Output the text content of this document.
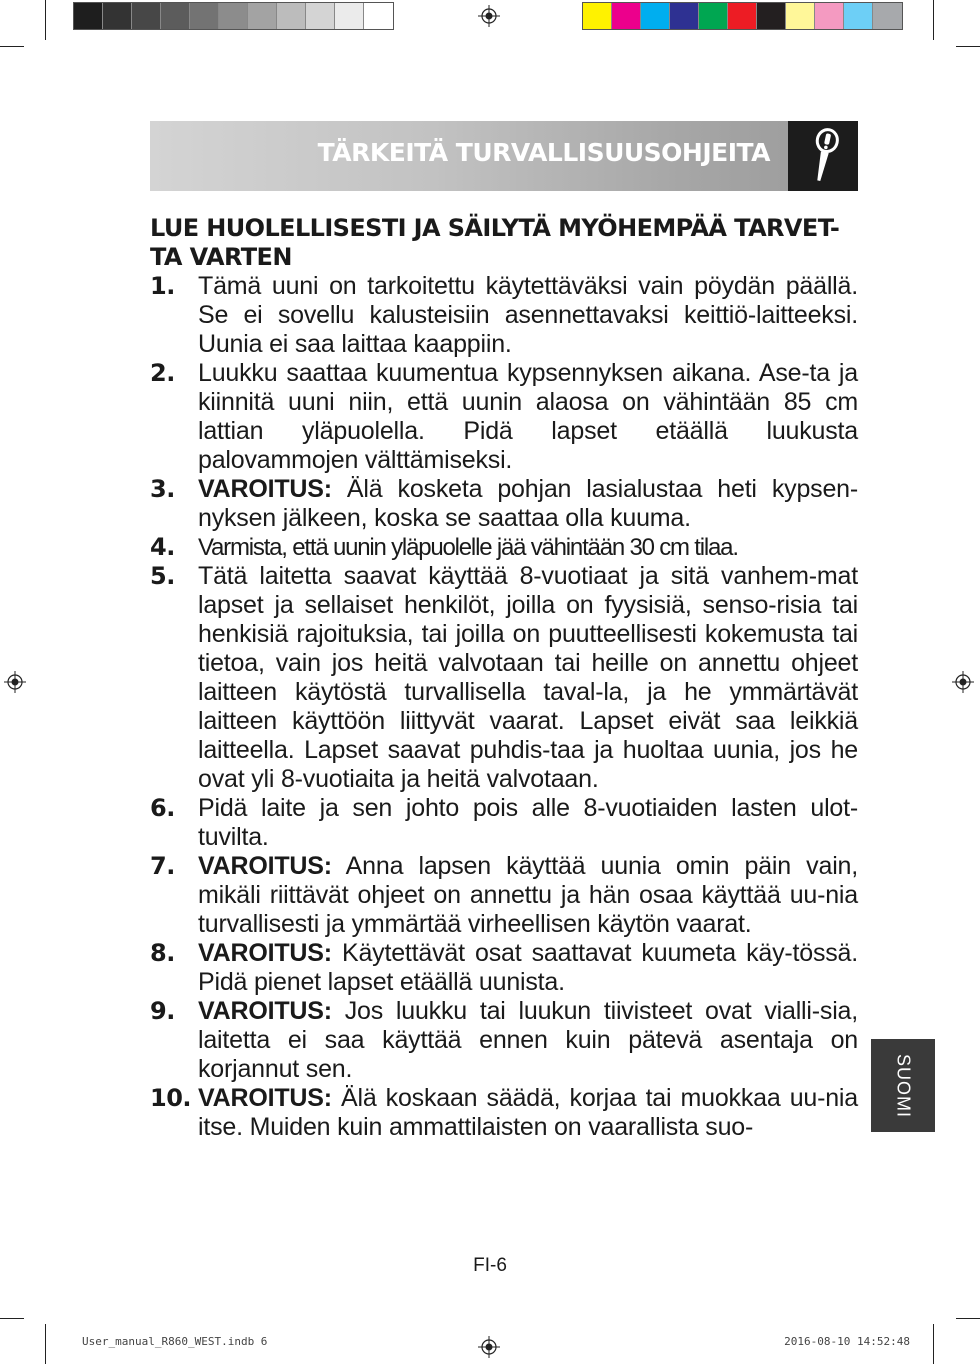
TÄRKEITÄ TURVALLISUUSOHJEITA
LUE HUOLELLISESTI JA SÄILYTÄ MYÖHEMPÄÄ TARVET-TA VARTEN
1. Tämä uuni on tarkoitettu käytettäväksi vain pöydän päällä. Se ei sovellu kalusteisiin asennettavaksi keittiö-laitteeksi. Uunia ei saa laittaa kaappiin.
2. Luukku saattaa kuumentua kypsennyksen aikana. Ase-ta ja kiinnitä uuni niin, että uunin alaosa on vähintään 85 cm lattian yläpuolella. Pidä lapset etäällä luukusta palovammojen välttämiseksi.
3. VAROITUS: Älä kosketa pohjan lasialustaa heti kypsen-nyksen jälkeen, koska se saattaa olla kuuma.
4. Varmista, että uunin yläpuolelle jää vähintään 30 cm tilaa.
5. Tätä laitetta saavat käyttää 8-vuotiaat ja sitä vanhem-mat lapset ja sellaiset henkilöt, joilla on fyysisiä, senso-risia tai henkisiä rajoituksia, tai joilla on puutteellisesti kokemusta tai tietoa, vain jos heitä valvotaan tai heille on annettu ohjeet laitteen käytöstä turvallisella taval-la, ja he ymmärtävät laitteen käyttöön liittyvät vaarat. Lapset eivät saa leikkiä laitteella. Lapset saavat puhdis-taa ja huoltaa uunia, jos he ovat yli 8-vuotiaita ja heitä valvotaan.
6. Pidä laite ja sen johto pois alle 8-vuotiaiden lasten ulot-tuvilta.
7. VAROITUS: Anna lapsen käyttää uunia omin päin vain, mikäli riittävät ohjeet on annettu ja hän osaa käyttää uu-nia turvallisesti ja ymmärtää virheellisen käytön vaarat.
8. VAROITUS: Käytettävät osat saattavat kuumeta käy-tössä. Pidä pienet lapset etäällä uunista.
9. VAROITUS: Jos luukku tai luukun tiivisteet ovat vialli-sia, laitetta ei saa käyttää ennen kuin pätevä asentaja on korjannut sen.
10. VAROITUS: Älä koskaan säädä, korjaa tai muokkaa uu-nia itse. Muiden kuin ammattilaisten on vaarallista suo-
SUOMI
FI-6
User_manual_R860_WEST.indb 6	2016-08-10 14:52:48
